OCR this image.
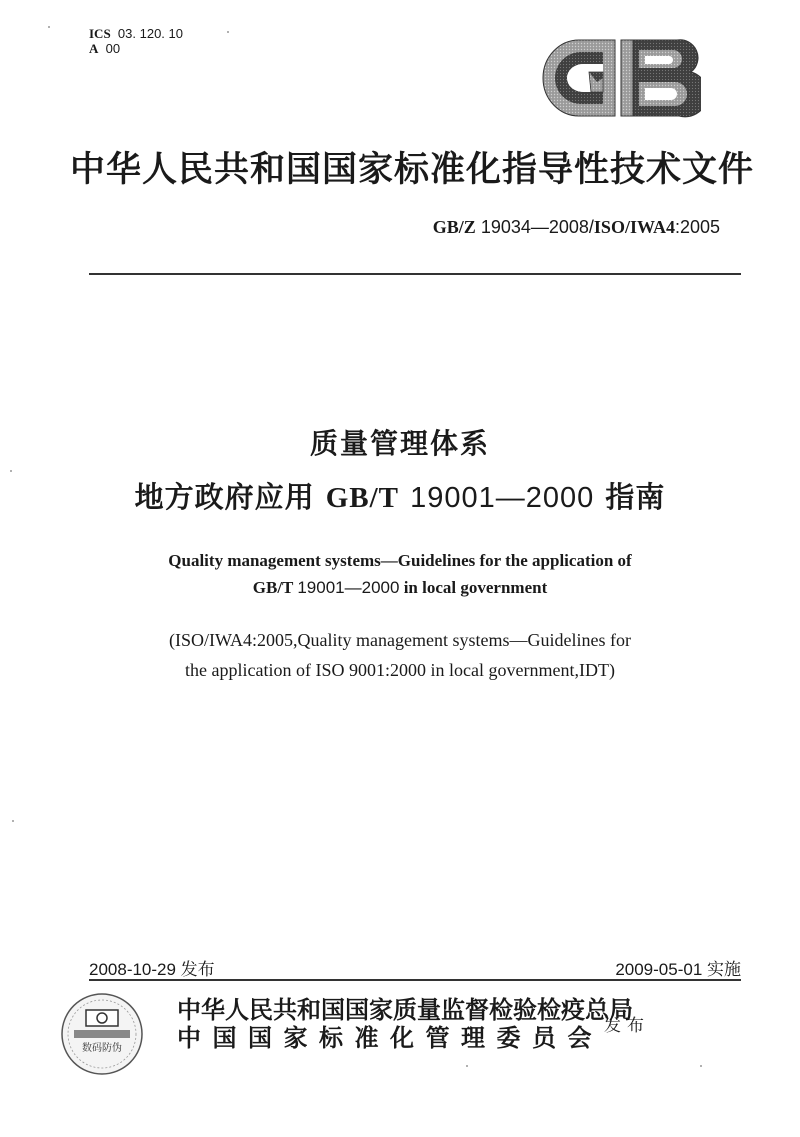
ICS 03. 120. 10
A 00
中华人民共和国国家标准化指导性技术文件
GB/Z 19034—2008/ISO/IWA4:2005
质量管理体系
地方政府应用 GB/T 19001—2000 指南
Quality management systems—Guidelines for the application of
GB/T 19001—2000 in local government
(ISO/IWA4:2005,Quality management systems—Guidelines for
the application of ISO 9001:2000 in local government,IDT)
2008-10-29 发布	2009-05-01 实施
数码防伪
中华人民共和国国家质量监督检验检疫总局
中国国家标准化管理委员会 发布
